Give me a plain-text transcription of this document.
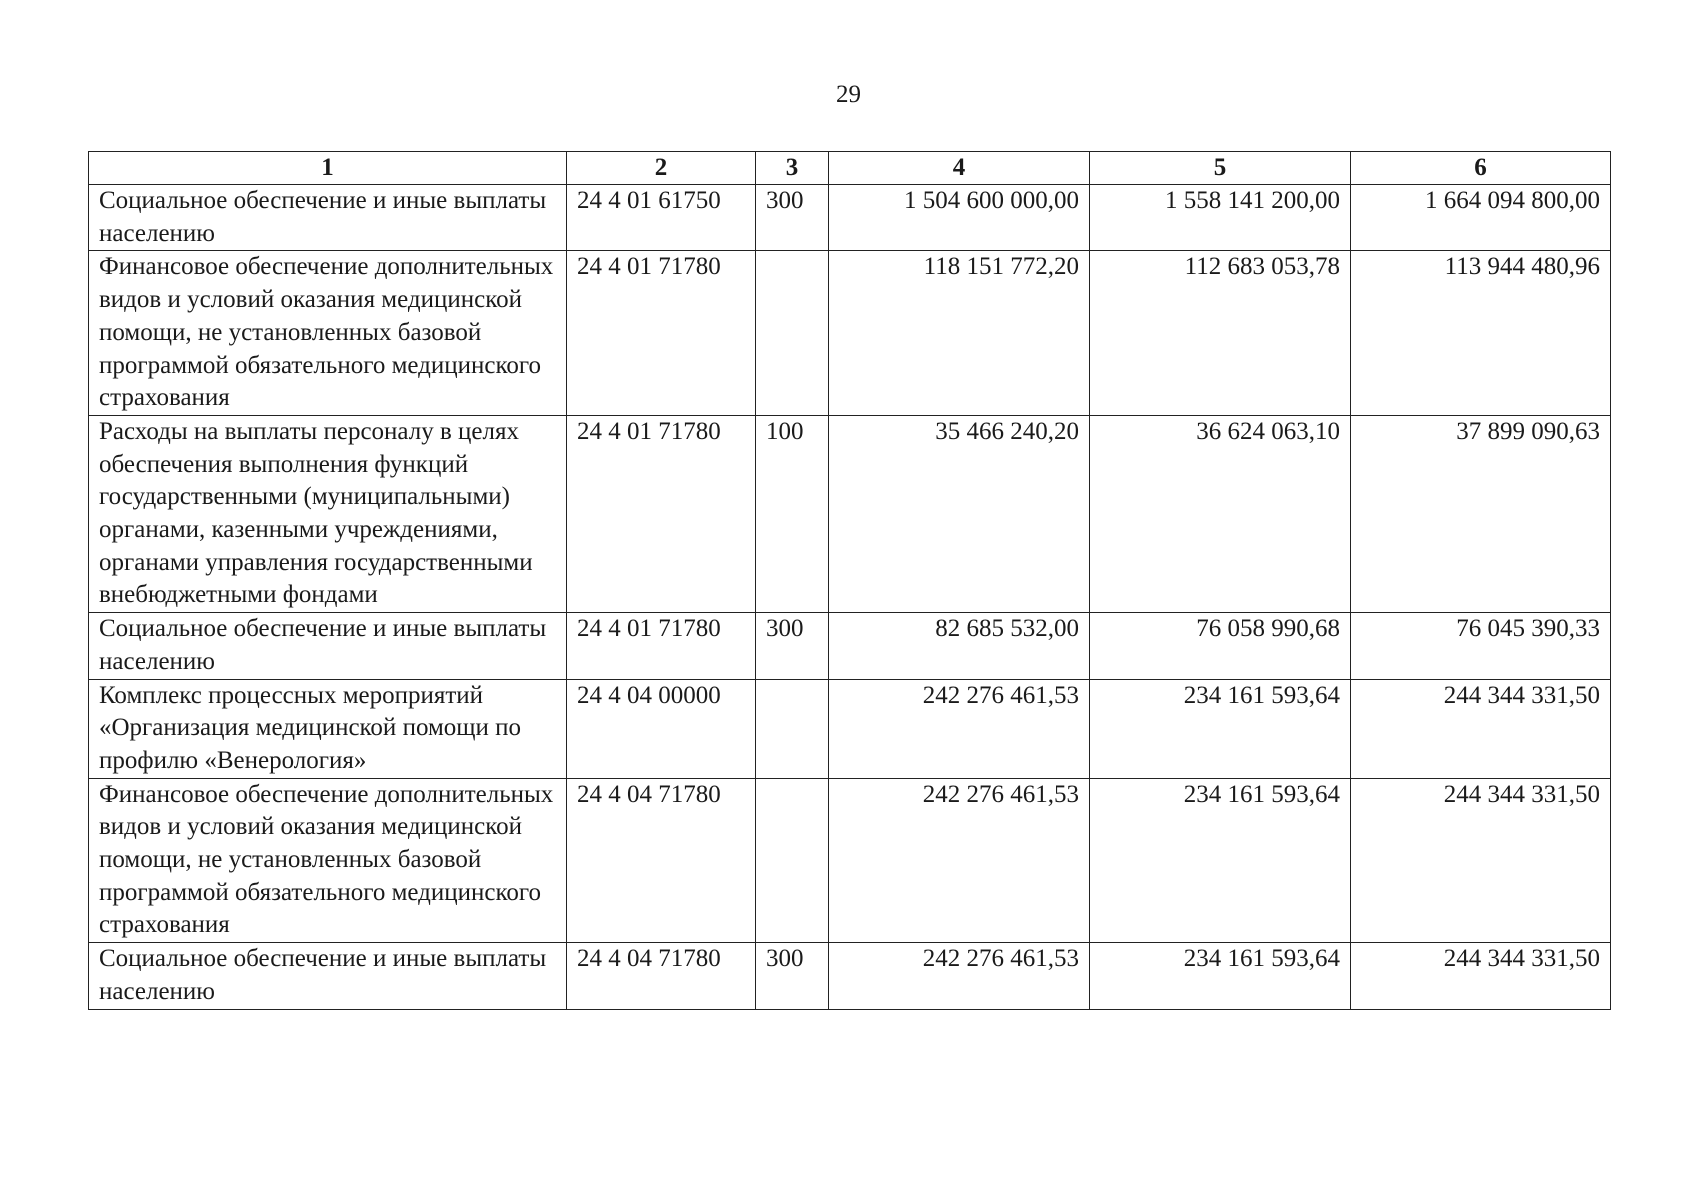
29
1	2	3	4	5	6
Социальное обеспечение и иные выплаты населению	24 4 01 61750	300	1 504 600 000,00	1 558 141 200,00	1 664 094 800,00
Финансовое обеспечение дополнительных видов и условий оказания медицинской помощи, не установленных базовой программой обязательного медицинского страхования	24 4 01 71780		118 151 772,20	112 683 053,78	113 944 480,96
Расходы на выплаты персоналу в целях обеспечения выполнения функций государственными (муниципальными) органами, казенными учреждениями, органами управления государственными внебюджетными фондами	24 4 01 71780	100	35 466 240,20	36 624 063,10	37 899 090,63
Социальное обеспечение и иные выплаты населению	24 4 01 71780	300	82 685 532,00	76 058 990,68	76 045 390,33
Комплекс процессных мероприятий «Организация медицинской помощи по профилю «Венерология»	24 4 04 00000		242 276 461,53	234 161 593,64	244 344 331,50
Финансовое обеспечение дополнительных видов и условий оказания медицинской помощи, не установленных базовой программой обязательного медицинского страхования	24 4 04 71780		242 276 461,53	234 161 593,64	244 344 331,50
Социальное обеспечение и иные выплаты населению	24 4 04 71780	300	242 276 461,53	234 161 593,64	244 344 331,50
